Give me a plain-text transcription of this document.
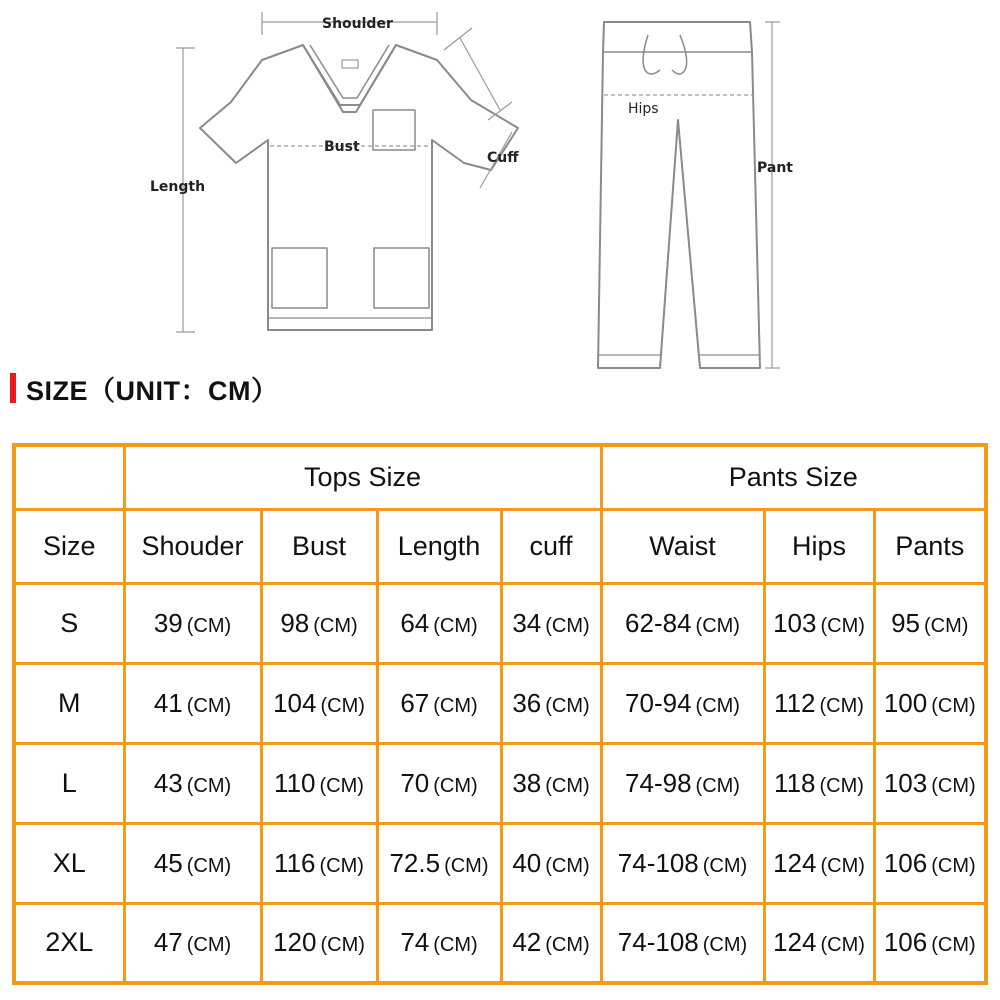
Shoulder
Bust
Cuff
Length
Hips
Pant
SIZE（UNIT：CM）
	Tops Size				Pants Size		
Size	Shouder	Bust	Length	cuff	Waist	Hips	Pants
S	39 (CM)	98 (CM)	64 (CM)	34 (CM)	62-84 (CM)	103 (CM)	95 (CM)
M	41 (CM)	104 (CM)	67 (CM)	36 (CM)	70-94 (CM)	112 (CM)	100 (CM)
L	43 (CM)	110 (CM)	70 (CM)	38 (CM)	74-98 (CM)	118 (CM)	103 (CM)
XL	45 (CM)	116 (CM)	72.5 (CM)	40 (CM)	74-108 (CM)	124 (CM)	106 (CM)
2XL	47 (CM)	120 (CM)	74 (CM)	42 (CM)	74-108 (CM)	124 (CM)	106 (CM)
